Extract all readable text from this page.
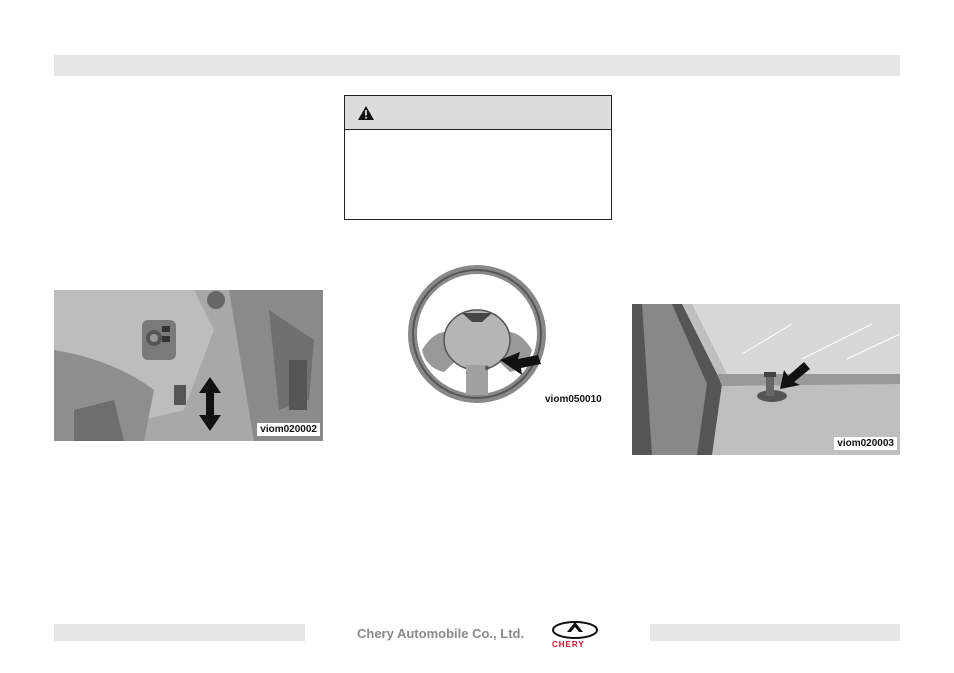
viom020002
viom050010
viom020003
Chery Automobile Co., Ltd.
CHERY
